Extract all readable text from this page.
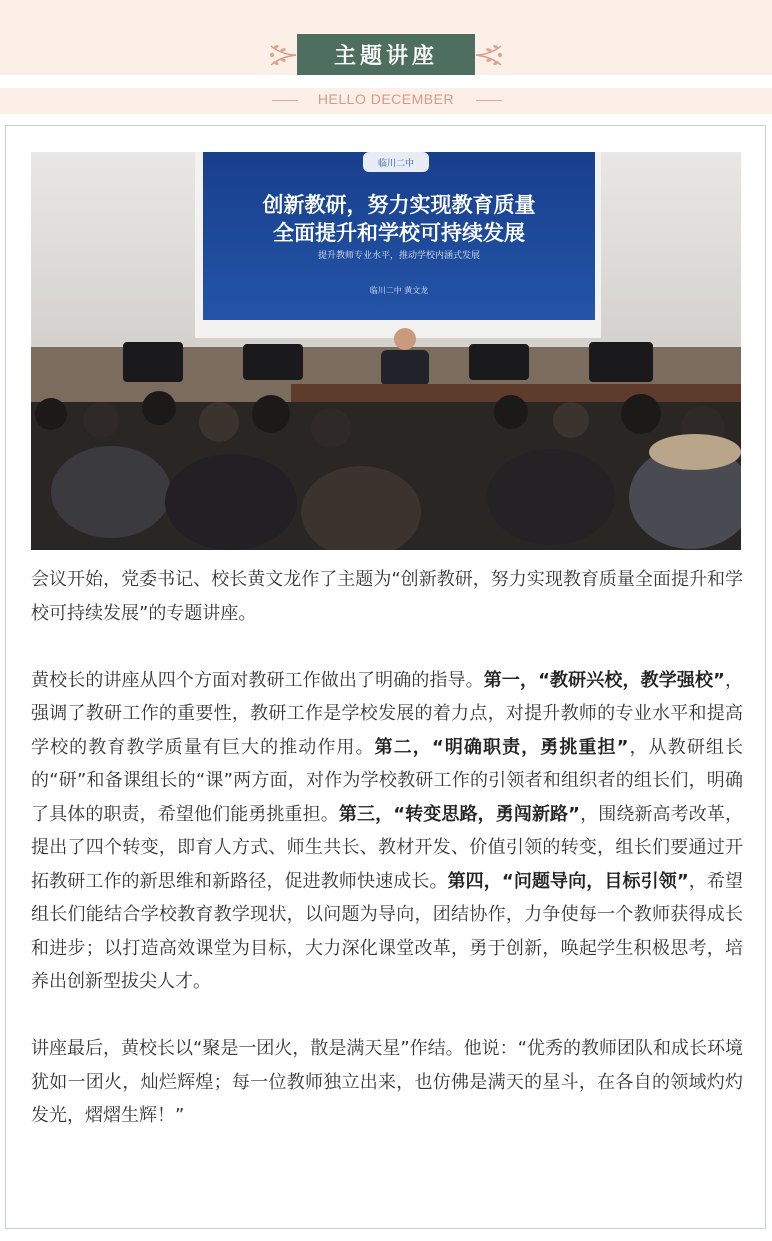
主题讲座
HELLO DECEMBER
临川二中
创新教研，努力实现教育质量
全面提升和学校可持续发展
提升教师专业水平，推动学校内涵式发展
临川二中 黄文龙

会议开始，党委书记、校长黄文龙作了主题为“创新教研，努力实现教育质量全面提升和学校可持续发展”的专题讲座。

黄校长的讲座从四个方面对教研工作做出了明确的指导。第一，“教研兴校，教学强校”，强调了教研工作的重要性，教研工作是学校发展的着力点，对提升教师的专业水平和提高学校的教育教学质量有巨大的推动作用。第二，“明确职责，勇挑重担”，从教研组长的“研”和备课组长的“课”两方面，对作为学校教研工作的引领者和组织者的组长们，明确了具体的职责，希望他们能勇挑重担。第三，“转变思路，勇闯新路”，围绕新高考改革，提出了四个转变，即育人方式、师生共长、教材开发、价值引领的转变，组长们要通过开拓教研工作的新思维和新路径，促进教师快速成长。第四，“问题导向，目标引领”，希望组长们能结合学校教育教学现状，以问题为导向，团结协作，力争使每一个教师获得成长和进步；以打造高效课堂为目标，大力深化课堂改革，勇于创新，唤起学生积极思考，培养出创新型拔尖人才。

讲座最后，黄校长以“聚是一团火，散是满天星”作结。他说：“优秀的教师团队和成长环境犹如一团火，灿烂辉煌；每一位教师独立出来，也仿佛是满天的星斗，在各自的领域灼灼发光，熠熠生辉！”
